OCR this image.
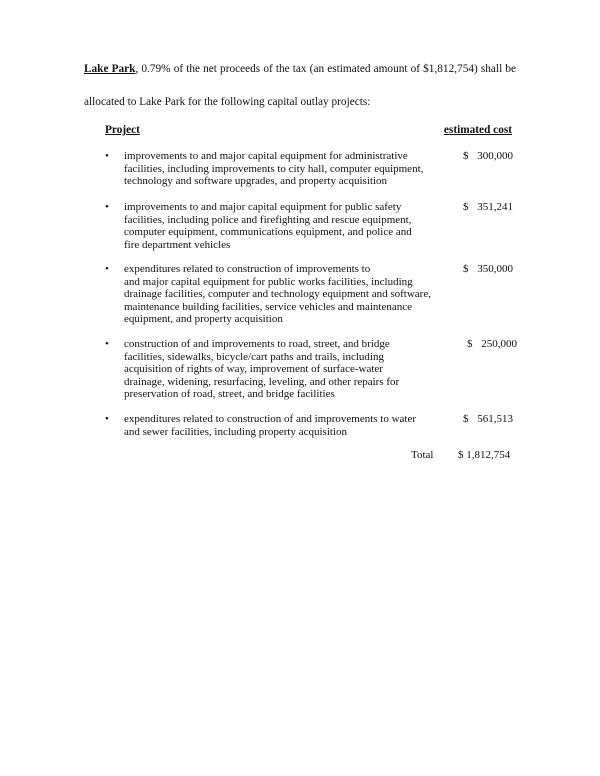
Lake Park, 0.79% of the net proceeds of the tax (an estimated amount of $1,812,754) shall be
allocated to Lake Park for the following capital outlay projects:
Project	estimated cost
•	improvements to and major capital equipment for administrative
facilities, including improvements to city hall, computer equipment,
technology and software upgrades, and property acquisition
$ 300,000
•	improvements to and major capital equipment for public safety
facilities, including police and firefighting and rescue equipment,
computer equipment, communications equipment, and police and
fire department vehicles
$ 351,241
•	expenditures related to construction of improvements to
and major capital equipment for public works facilities, including
drainage facilities, computer and technology equipment and software,
maintenance building facilities, service vehicles and maintenance
equipment, and property acquisition
$ 350,000
•	construction of and improvements to road, street, and bridge
facilities, sidewalks, bicycle/cart paths and trails, including
acquisition of rights of way, improvement of surface-water
drainage, widening, resurfacing, leveling, and other repairs for
preservation of road, street, and bridge facilities
$ 250,000
•	expenditures related to construction of and improvements to water
and sewer facilities, including property acquisition
$ 561,513
Total $ 1,812,754
